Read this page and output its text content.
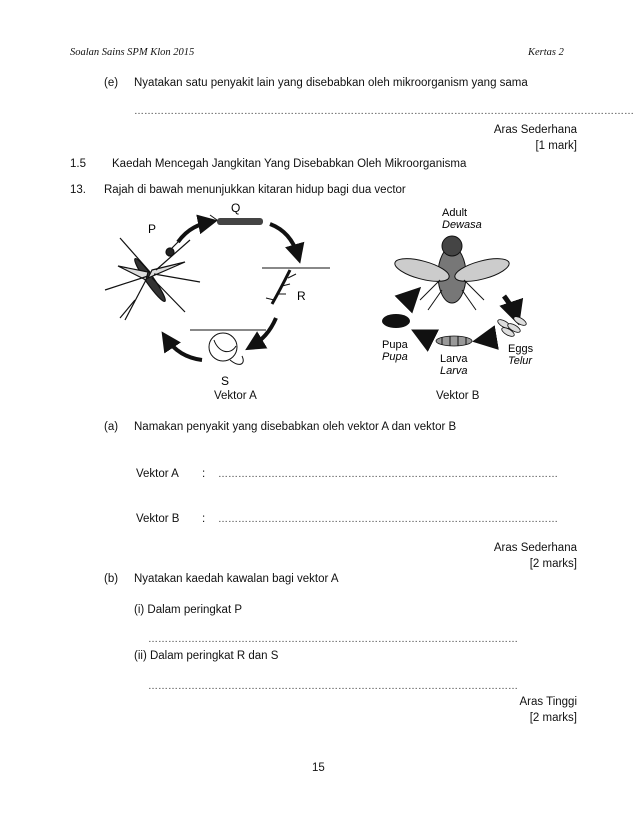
Soalan Sains SPM Klon 2015	Kertas 2
(e) Nyatakan satu penyakit lain yang disebabkan oleh mikroorganism yang sama
……………………………………………………………………………………………………………………………………
Aras Sederhana
[1 mark]
1.5 Kaedah Mencegah Jangkitan Yang Disebabkan Oleh Mikroorganisma
13. Rajah di bawah menunjukkan kitaran hidup bagi dua vector
P
Q
R
S
Adult
Dewasa
Eggs
Telur
Larva
Larva
Pupa
Pupa
Vektor A	Vektor B
(a) Namakan penyakit yang disebabkan oleh vektor A dan vektor B
Vektor A : …………………………………………………………………………………………
Vektor B : …………………………………………………………………………………………
Aras Sederhana
[2 marks]
(b) Nyatakan kaedah kawalan bagi vektor A
(i) Dalam peringkat P
…………………………………………………………………………………………………
(ii) Dalam peringkat R dan S
…………………………………………………………………………………………………
Aras Tinggi
[2 marks]
15
